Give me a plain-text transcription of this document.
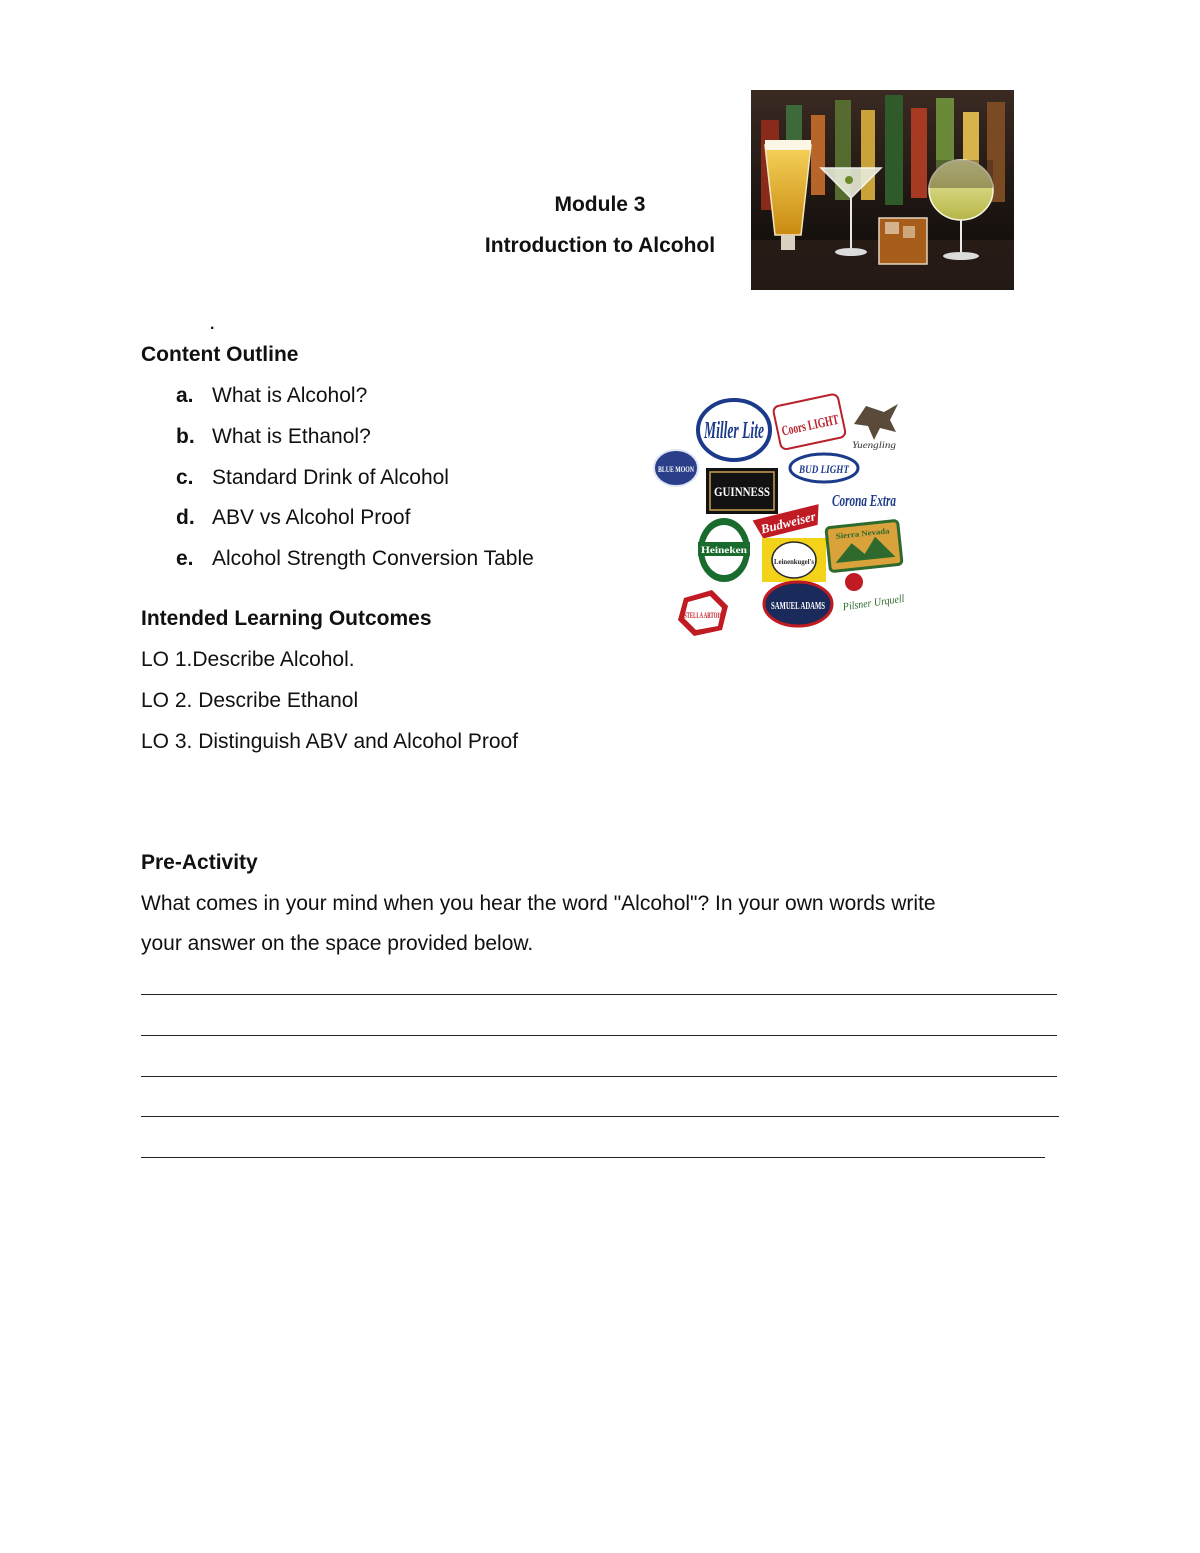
Module 3
Introduction to Alcohol
.
Content Outline
a. What is Alcohol?
b. What is Ethanol?
c. Standard Drink of Alcohol
d. ABV vs Alcohol Proof
e. Alcohol Strength Conversion Table
Miller Lite Coors LIGHT
Yuengling
BLUE MOON
GUINNESS
BUD LIGHT
Heineken
Budweiser
Corona Extra
Leinenkugel's
Sierra Nevada
SAMUEL ADAMS
STELLA ARTOIS
Pilsner Urquell
Intended Learning Outcomes
LO 1.Describe Alcohol.
LO 2. Describe Ethanol
LO 3. Distinguish ABV and Alcohol Proof
Pre-Activity
What comes in your mind when you hear the word "Alcohol"? In your own words write
your answer on the space provided below.
